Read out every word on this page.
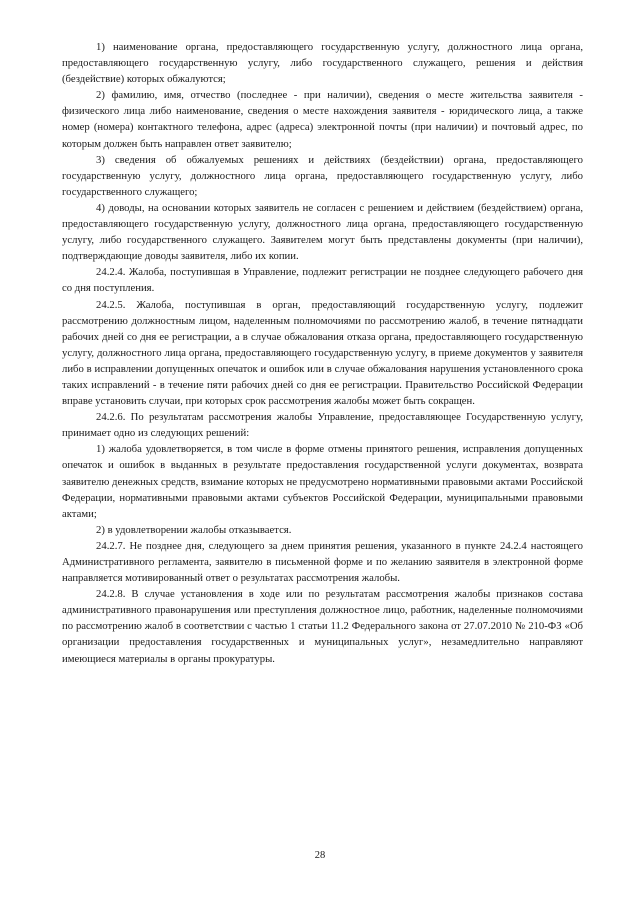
1) наименование органа, предоставляющего государственную услугу, должностного лица органа, предоставляющего государственную услугу, либо государственного служащего, решения и действия (бездействие) которых обжалуются;

2) фамилию, имя, отчество (последнее - при наличии), сведения о месте жительства заявителя - физического лица либо наименование, сведения о месте нахождения заявителя - юридического лица, а также номер (номера) контактного телефона, адрес (адреса) электронной почты (при наличии) и почтовый адрес, по которым должен быть направлен ответ заявителю;

3) сведения об обжалуемых решениях и действиях (бездействии) органа, предоставляющего государственную услугу, должностного лица органа, предоставляющего государственную услугу, либо государственного служащего;

4) доводы, на основании которых заявитель не согласен с решением и действием (бездействием) органа, предоставляющего государственную услугу, должностного лица органа, предоставляющего государственную услугу, либо государственного служащего. Заявителем могут быть представлены документы (при наличии), подтверждающие доводы заявителя, либо их копии.

24.2.4. Жалоба, поступившая в Управление, подлежит регистрации не позднее следующего рабочего дня со дня поступления.

24.2.5. Жалоба, поступившая в орган, предоставляющий государственную услугу, подлежит рассмотрению должностным лицом, наделенным полномочиями по рассмотрению жалоб, в течение пятнадцати рабочих дней со дня ее регистрации, а в случае обжалования отказа органа, предоставляющего государственную услугу, должностного лица органа, предоставляющего государственную услугу, в приеме документов у заявителя либо в исправлении допущенных опечаток и ошибок или в случае обжалования нарушения установленного срока таких исправлений - в течение пяти рабочих дней со дня ее регистрации. Правительство Российской Федерации вправе установить случаи, при которых срок рассмотрения жалобы может быть сокращен.

24.2.6. По результатам рассмотрения жалобы Управление, предоставляющее Государственную услугу, принимает одно из следующих решений:

1) жалоба удовлетворяется, в том числе в форме отмены принятого решения, исправления допущенных опечаток и ошибок в выданных в результате предоставления государственной услуги документах, возврата заявителю денежных средств, взимание которых не предусмотрено нормативными правовыми актами Российской Федерации, нормативными правовыми актами субъектов Российской Федерации, муниципальными правовыми актами;

2) в удовлетворении жалобы отказывается.

24.2.7. Не позднее дня, следующего за днем принятия решения, указанного в пункте 24.2.4 настоящего Административного регламента, заявителю в письменной форме и по желанию заявителя в электронной форме направляется мотивированный ответ о результатах рассмотрения жалобы.

24.2.8. В случае установления в ходе или по результатам рассмотрения жалобы признаков состава административного правонарушения или преступления должностное лицо, работник, наделенные полномочиями по рассмотрению жалоб в соответствии с частью 1 статьи 11.2 Федерального закона от 27.07.2010 № 210-ФЗ «Об организации предоставления государственных и муниципальных услуг», незамедлительно направляют имеющиеся материалы в органы прокуратуры.

28
